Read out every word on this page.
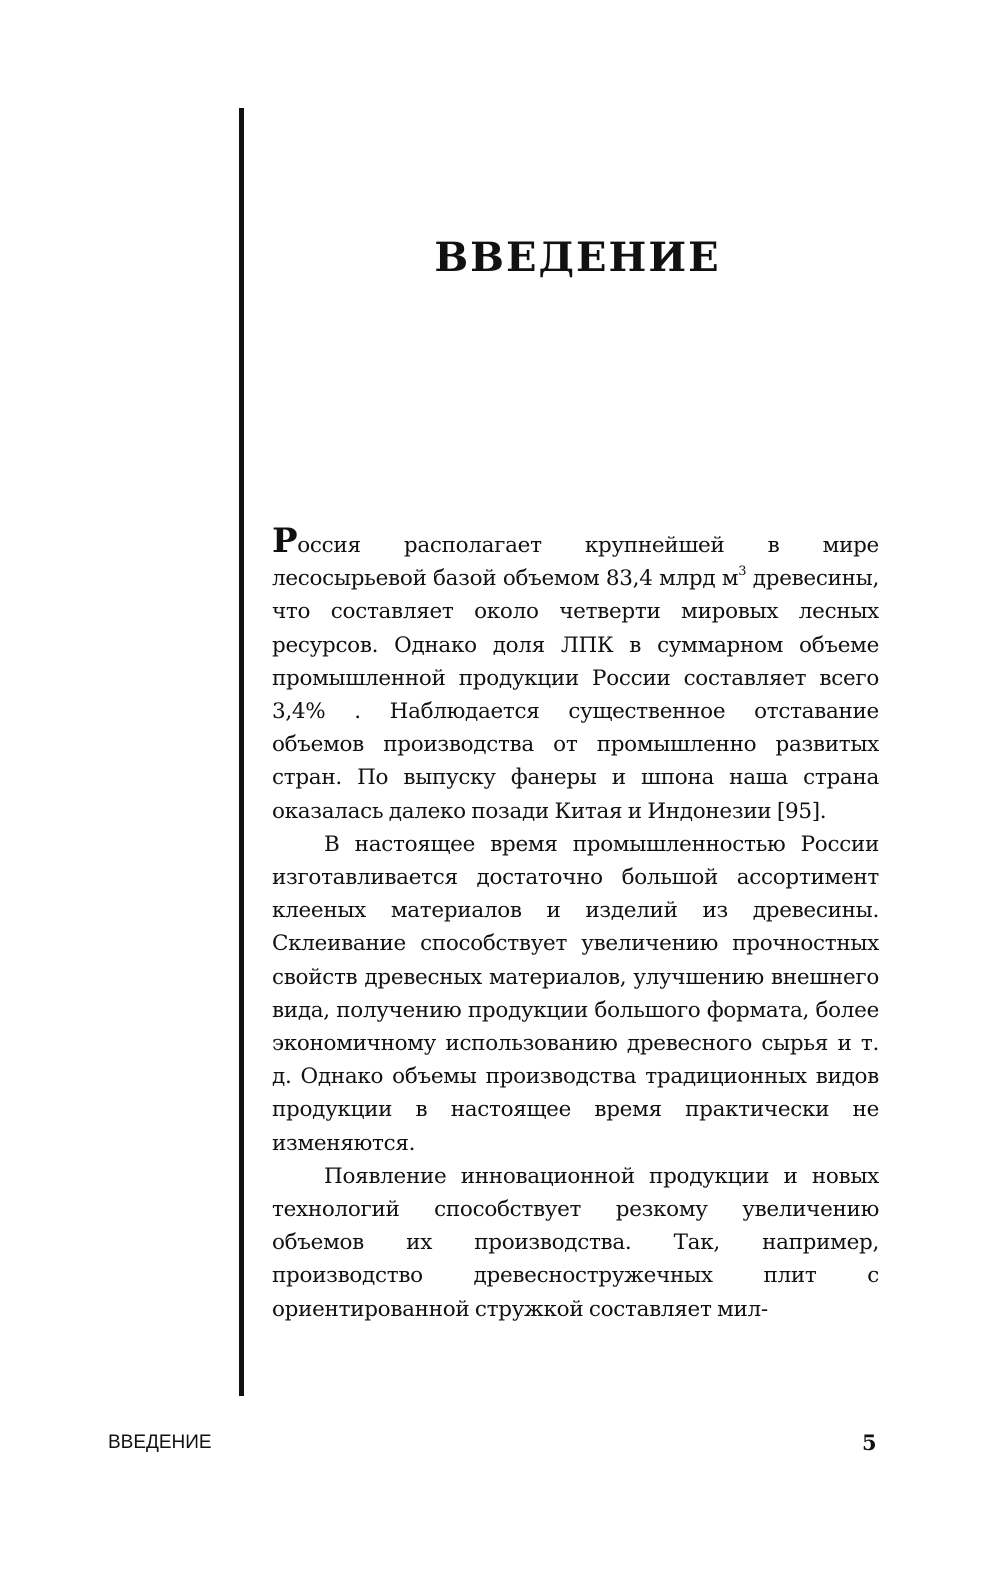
ВВЕДЕНИЕ

Россия располагает крупнейшей в мире лесосырьевой базой объемом 83,4 млрд $м^3$ древесины, что составляет около четверти мировых лесных ресурсов. Однако доля ЛПК в суммарном объеме промышленной продукции России составляет всего 3,4% . Наблюдается существенное отставание объемов производства от промышленно развитых стран. По выпуску фанеры и шпона наша страна оказалась далеко позади Китая и Индонезии [95].

В настоящее время промышленностью России изготавливается достаточно большой ассортимент клееных материалов и изделий из древесины. Склеивание способствует увеличению прочностных свойств древесных материалов, улучшению внешнего вида, получению продукции большого формата, более экономичному использованию древесного сырья и т. д. Однако объемы производства традиционных видов продукции в настоящее время практически не изменяются.

Появление инновационной продукции и новых технологий способствует резкому увеличению объемов их производства. Так, например, производство древесностружечных плит с ориентированной стружкой составляет мил-

ВВЕДЕНИЕ	5
